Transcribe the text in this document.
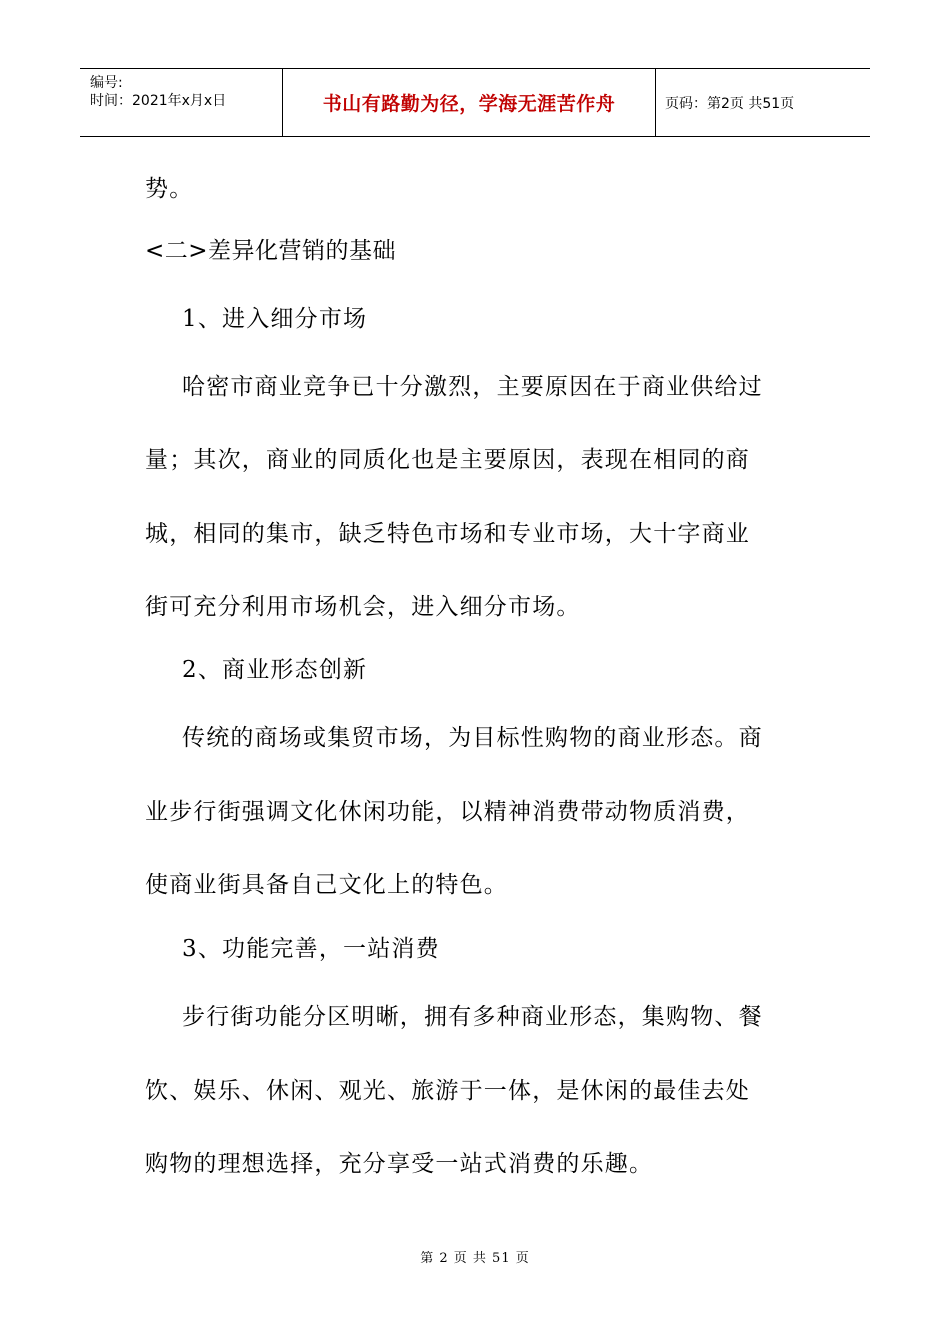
编号:
时间：2021年x月x日	书山有路勤为径，学海无涯苦作舟	页码：第2页 共51页
势。
<二>差异化营销的基础
1、进入细分市场
哈密市商业竞争已十分激烈，主要原因在于商业供给过
量；其次，商业的同质化也是主要原因，表现在相同的商
城，相同的集市，缺乏特色市场和专业市场，大十字商业
街可充分利用市场机会，进入细分市场。
2、商业形态创新
传统的商场或集贸市场，为目标性购物的商业形态。商
业步行街强调文化休闲功能，以精神消费带动物质消费，
使商业街具备自己文化上的特色。
3、功能完善，一站消费
步行街功能分区明晰，拥有多种商业形态，集购物、餐
饮、娱乐、休闲、观光、旅游于一体，是休闲的最佳去处
购物的理想选择，充分享受一站式消费的乐趣。
第 2 页 共 51 页
